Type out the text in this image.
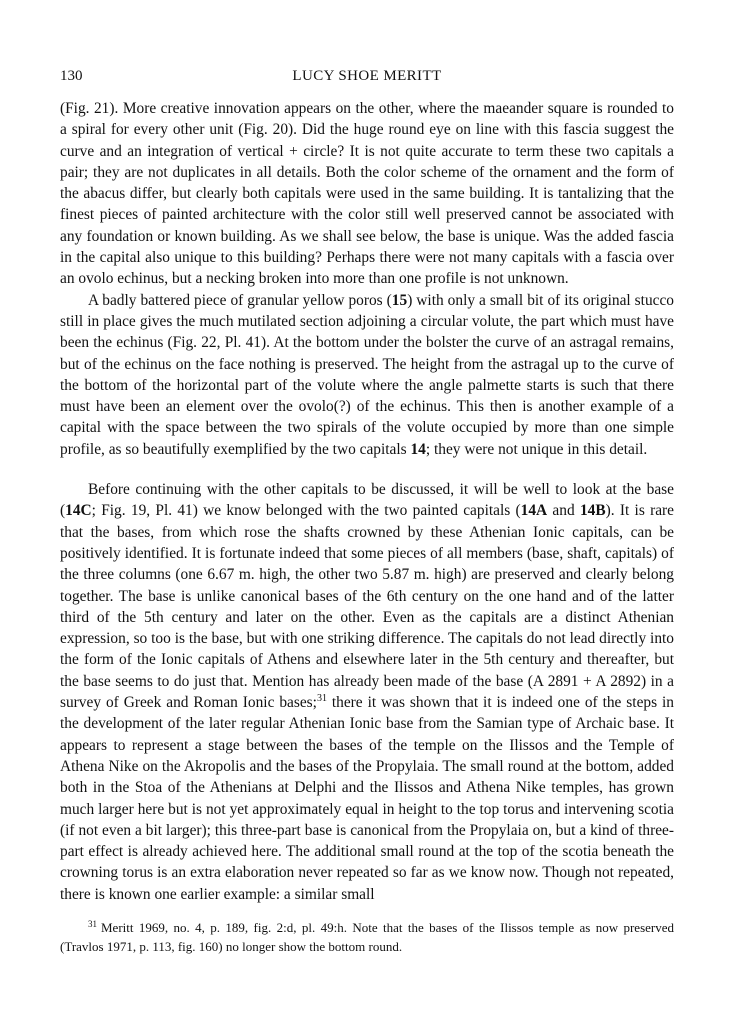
130	LUCY SHOE MERITT

(Fig. 21). More creative innovation appears on the other, where the maeander square is rounded to a spiral for every other unit (Fig. 20). Did the huge round eye on line with this fascia suggest the curve and an integration of vertical + circle? It is not quite accurate to term these two capitals a pair; they are not duplicates in all details. Both the color scheme of the ornament and the form of the abacus differ, but clearly both capitals were used in the same building. It is tantalizing that the finest pieces of painted architecture with the color still well preserved cannot be associated with any foundation or known building. As we shall see below, the base is unique. Was the added fascia in the capital also unique to this building? Perhaps there were not many capitals with a fascia over an ovolo echinus, but a necking broken into more than one profile is not unknown.

A badly battered piece of granular yellow poros (15) with only a small bit of its original stucco still in place gives the much mutilated section adjoining a circular volute, the part which must have been the echinus (Fig. 22, Pl. 41). At the bottom under the bolster the curve of an astragal remains, but of the echinus on the face nothing is preserved. The height from the astragal up to the curve of the bottom of the horizontal part of the volute where the angle palmette starts is such that there must have been an element over the ovolo(?) of the echinus. This then is another example of a capital with the space between the two spirals of the volute occupied by more than one simple profile, as so beautifully exemplified by the two capitals 14; they were not unique in this detail.

Before continuing with the other capitals to be discussed, it will be well to look at the base (14C; Fig. 19, Pl. 41) we know belonged with the two painted capitals (14A and 14B). It is rare that the bases, from which rose the shafts crowned by these Athenian Ionic capitals, can be positively identified. It is fortunate indeed that some pieces of all members (base, shaft, capitals) of the three columns (one 6.67 m. high, the other two 5.87 m. high) are preserved and clearly belong together. The base is unlike canonical bases of the 6th century on the one hand and of the latter third of the 5th century and later on the other. Even as the capitals are a distinct Athenian expression, so too is the base, but with one striking difference. The capitals do not lead directly into the form of the Ionic capitals of Athens and elsewhere later in the 5th century and thereafter, but the base seems to do just that. Mention has already been made of the base (A 2891 + A 2892) in a survey of Greek and Roman Ionic bases;$^{31}$ there it was shown that it is indeed one of the steps in the development of the later regular Athenian Ionic base from the Samian type of Archaic base. It appears to represent a stage between the bases of the temple on the Ilissos and the Temple of Athena Nike on the Akropolis and the bases of the Propylaia. The small round at the bottom, added both in the Stoa of the Athenians at Delphi and the Ilissos and Athena Nike temples, has grown much larger here but is not yet approximately equal in height to the top torus and intervening scotia (if not even a bit larger); this three-part base is canonical from the Propylaia on, but a kind of three-part effect is already achieved here. The additional small round at the top of the scotia beneath the crowning torus is an extra elaboration never repeated so far as we know now. Though not repeated, there is known one earlier example: a similar small

$^{31}$ Meritt 1969, no. 4, p. 189, fig. 2:d, pl. 49:h. Note that the bases of the Ilissos temple as now preserved (Travlos 1971, p. 113, fig. 160) no longer show the bottom round.
